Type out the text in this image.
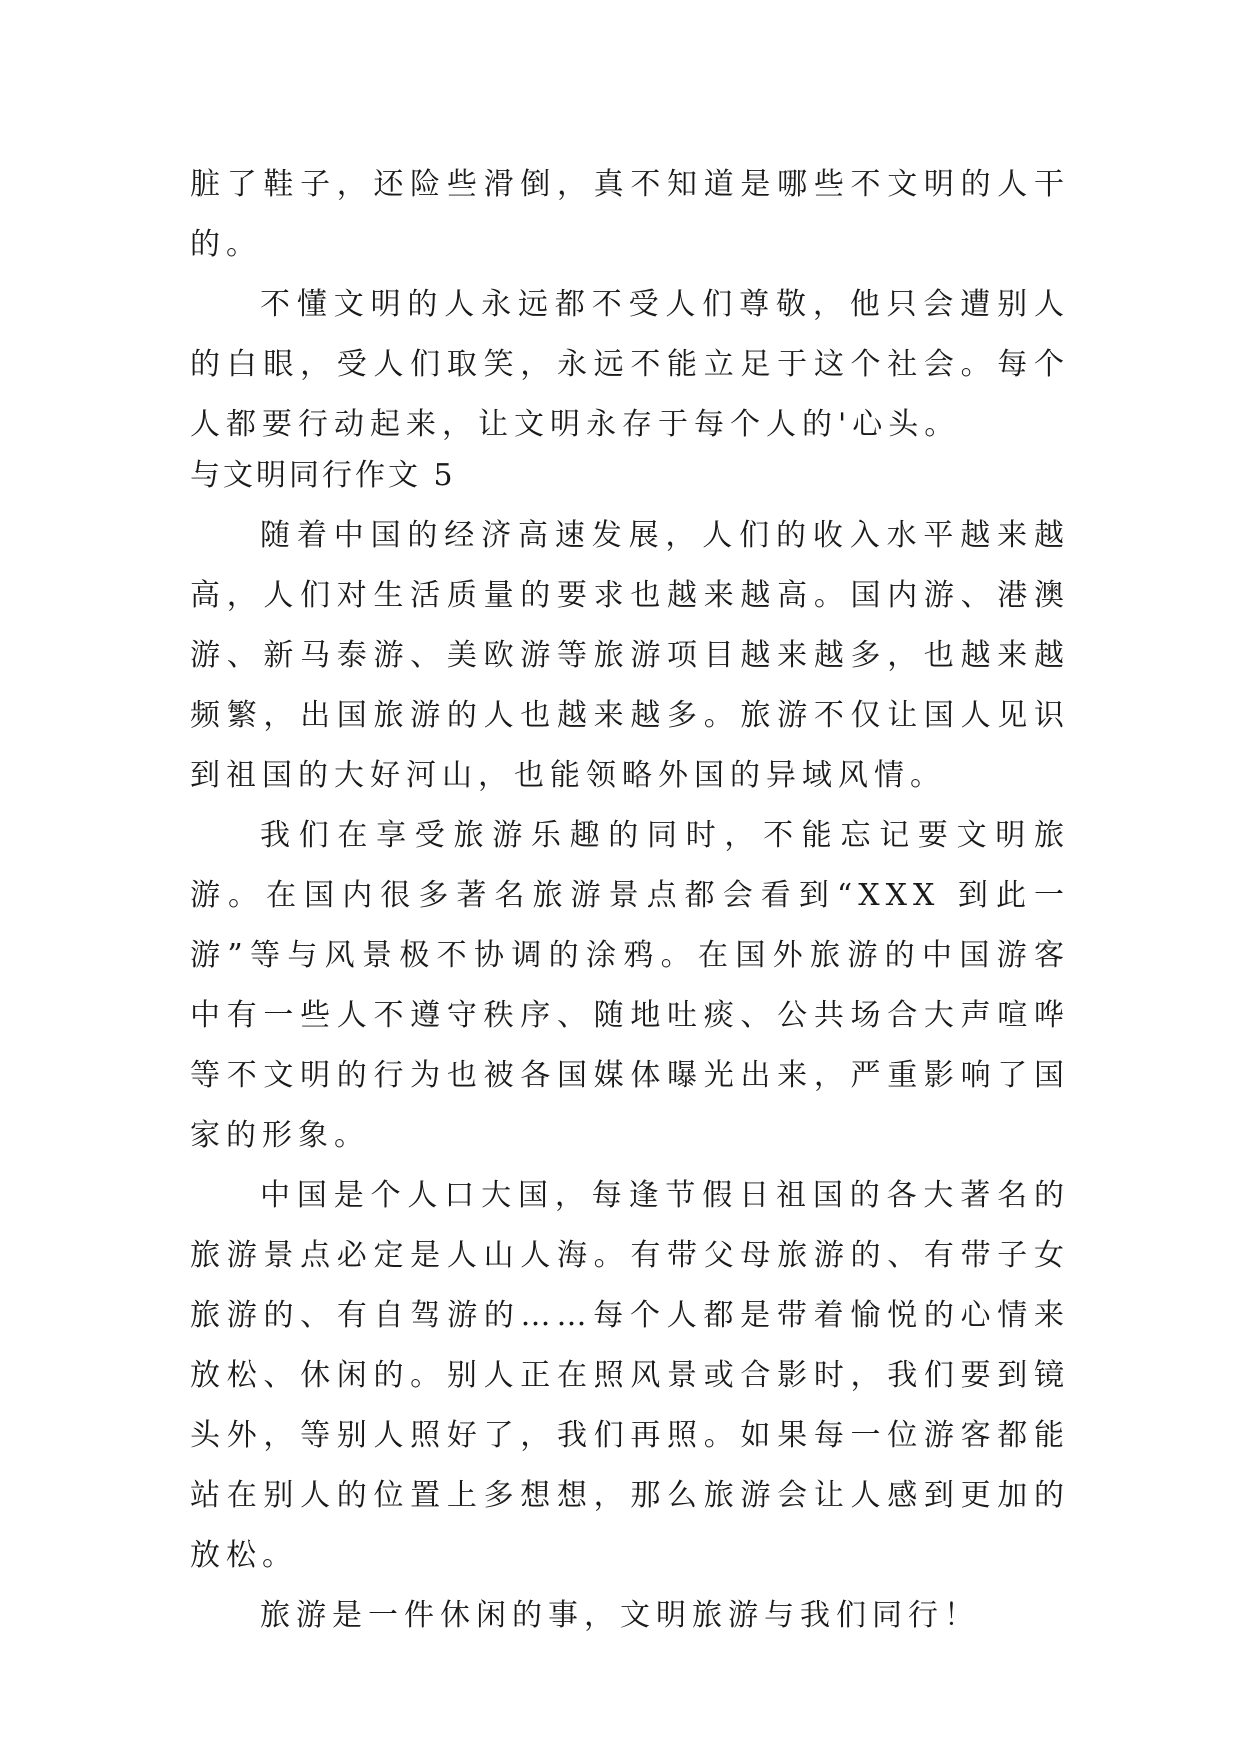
脏了鞋子，还险些滑倒，真不知道是哪些不文明的人干的。

不懂文明的人永远都不受人们尊敬，他只会遭别人的白眼，受人们取笑，永远不能立足于这个社会。每个人都要行动起来，让文明永存于每个人的'心头。

与文明同行作文 5

随着中国的经济高速发展，人们的收入水平越来越高，人们对生活质量的要求也越来越高。国内游、港澳游、新马泰游、美欧游等旅游项目越来越多，也越来越频繁，出国旅游的人也越来越多。旅游不仅让国人见识到祖国的大好河山，也能领略外国的异域风情。

我们在享受旅游乐趣的同时，不能忘记要文明旅游。在国内很多著名旅游景点都会看到“XXX 到此一游”等与风景极不协调的涂鸦。在国外旅游的中国游客中有一些人不遵守秩序、随地吐痰、公共场合大声喧哗等不文明的行为也被各国媒体曝光出来，严重影响了国家的形象。

中国是个人口大国，每逢节假日祖国的各大著名的旅游景点必定是人山人海。有带父母旅游的、有带子女旅游的、有自驾游的……每个人都是带着愉悦的心情来放松、休闲的。别人正在照风景或合影时，我们要到镜头外，等别人照好了，我们再照。如果每一位游客都能站在别人的位置上多想想，那么旅游会让人感到更加的放松。

旅游是一件休闲的事，文明旅游与我们同行！
